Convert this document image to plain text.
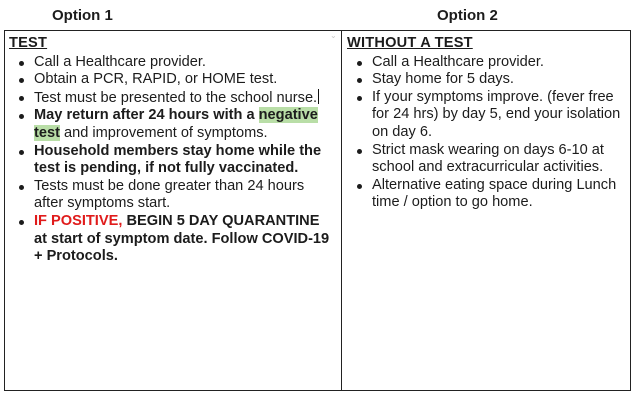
Option 1	Option 2
⌄
TEST
Call a Healthcare provider.
Obtain a PCR, RAPID, or HOME test.
Test must be presented to the school nurse.
May return after 24 hours with a negative test and improvement of symptoms.
Household members stay home while the test is pending, if not fully vaccinated.
Tests must be done greater than 24 hours after symptoms start.
IF POSITIVE, BEGIN 5 DAY QUARANTINE at start of symptom date. Follow COVID-19 + Protocols.
WITHOUT A TEST
Call a Healthcare provider.
Stay home for 5 days.
If your symptoms improve. (fever free for 24 hrs) by day 5, end your isolation on day 6.
Strict mask wearing on days 6-10 at school and extracurricular activities.
Alternative eating space during Lunch time / option to go home.
